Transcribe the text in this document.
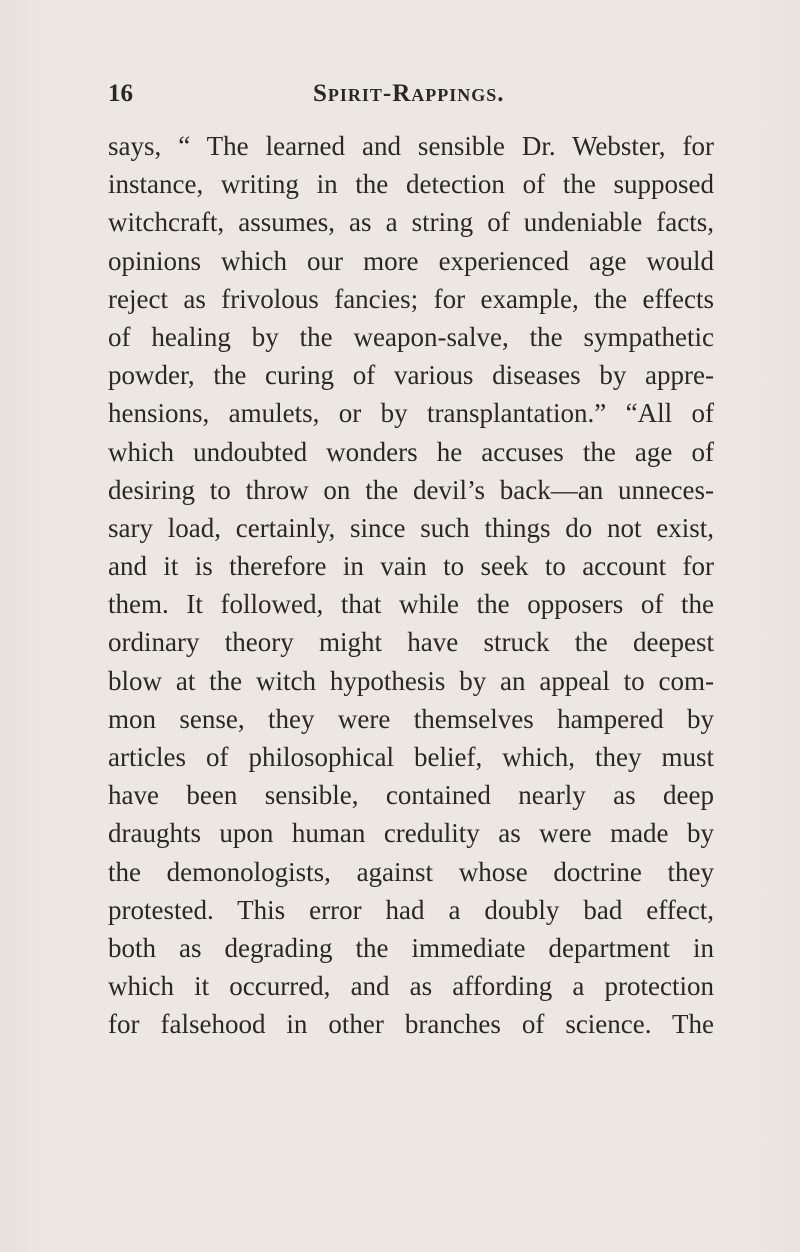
16	Spirit-Rappings.
says, “ The learned and sensible Dr. Webster, for
instance, writing in the detection of the supposed
witchcraft, assumes, as a string of undeniable facts,
opinions which our more experienced age would
reject as frivolous fancies; for example, the effects
of healing by the weapon-salve, the sympathetic
powder, the curing of various diseases by appre-
hensions, amulets, or by transplantation.” “All of
which undoubted wonders he accuses the age of
desiring to throw on the devil’s back—an unneces-
sary load, certainly, since such things do not exist,
and it is therefore in vain to seek to account for
them. It followed, that while the opposers of the
ordinary theory might have struck the deepest
blow at the witch hypothesis by an appeal to com-
mon sense, they were themselves hampered by
articles of philosophical belief, which, they must
have been sensible, contained nearly as deep
draughts upon human credulity as were made by
the demonologists, against whose doctrine they
protested. This error had a doubly bad effect,
both as degrading the immediate department in
which it occurred, and as affording a protection
for falsehood in other branches of science. The
